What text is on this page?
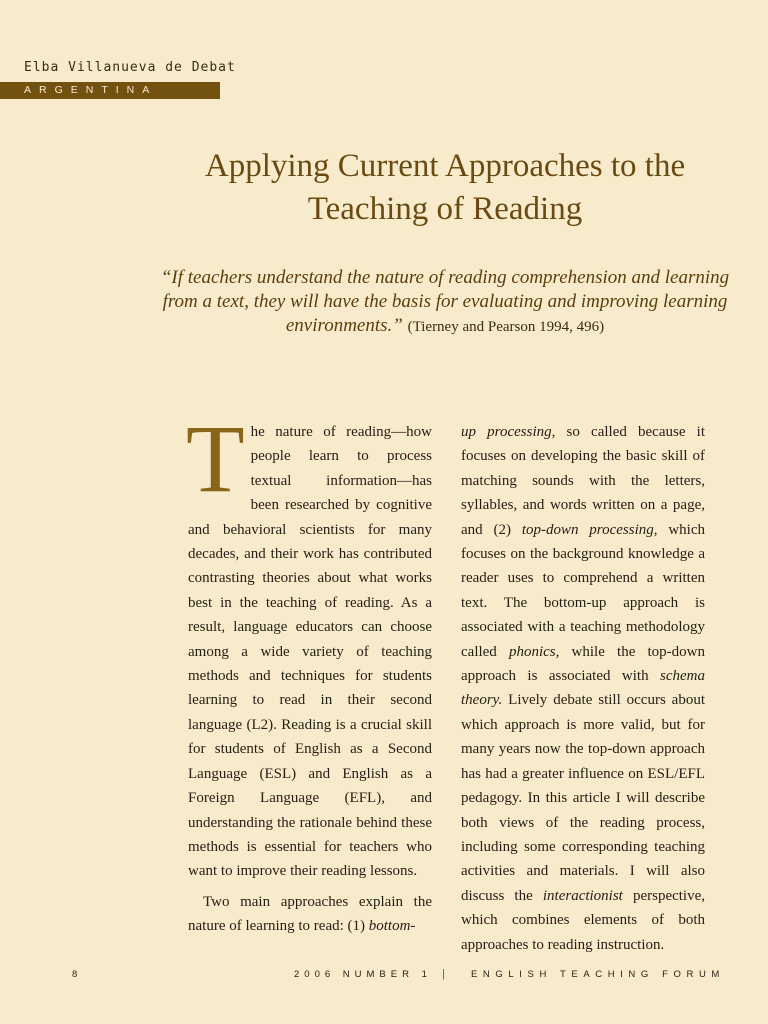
Elba Villanueva de Debat
ARGENTINA
Applying Current Approaches to the Teaching of Reading
“If teachers understand the nature of reading comprehension and learning from a text, they will have the basis for evaluating and improving learning environments.” (Tierney and Pearson 1994, 496)

The nature of reading—how people learn to process textual information—has been researched by cognitive and behavioral scientists for many decades, and their work has contributed contrasting theories about what works best in the teaching of reading. As a result, language educators can choose among a wide variety of teaching methods and techniques for students learning to read in their second language (L2). Reading is a crucial skill for students of English as a Second Language (ESL) and English as a Foreign Language (EFL), and understanding the rationale behind these methods is essential for teachers who want to improve their reading lessons.

Two main approaches explain the nature of learning to read: (1) bottom-

up processing, so called because it focuses on developing the basic skill of matching sounds with the letters, syllables, and words written on a page, and (2) top-down processing, which focuses on the background knowledge a reader uses to comprehend a written text. The bottom-up approach is associated with a teaching methodology called phonics, while the top-down approach is associated with schema theory. Lively debate still occurs about which approach is more valid, but for many years now the top-down approach has had a greater influence on ESL/EFL pedagogy. In this article I will describe both views of the reading process, including some corresponding teaching activities and materials. I will also discuss the interactionist perspective, which combines elements of both approaches to reading instruction.

8	2006 NUMBER 1 |	ENGLISH TEACHING FORUM
